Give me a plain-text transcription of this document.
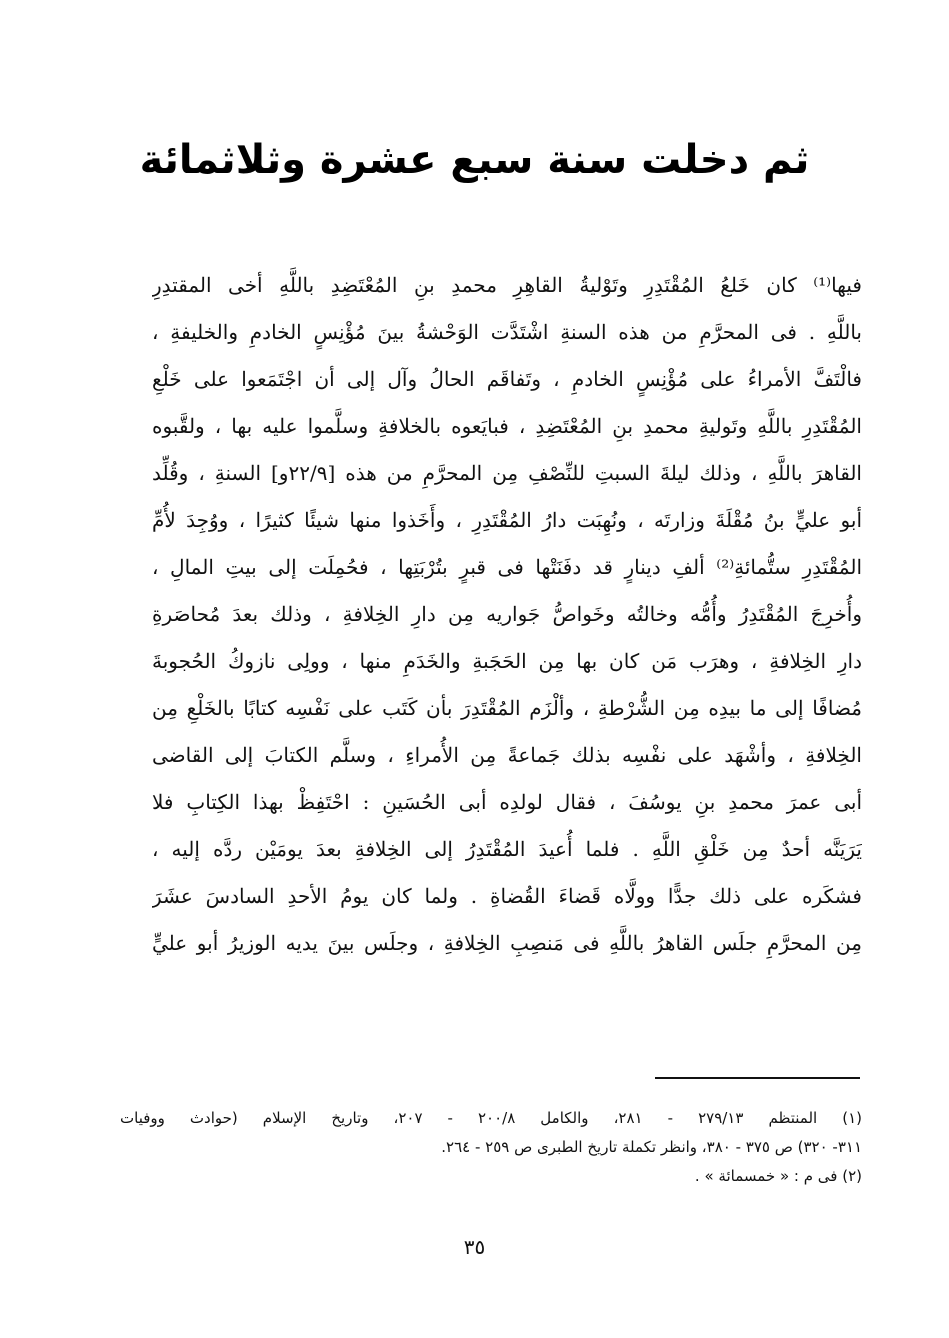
ثم دخلت سنة سبع عشرة وثلاثمائة
فيها⁽¹⁾ كان خَلعُ المُقْتَدِرِ وتَوْليةُ القاهِرِ محمدِ بنِ المُعْتَضِدِ باللَّهِ أخى المقتدِرِ
باللَّهِ . فى المحرَّمِ من هذه السنةِ اشْتَدَّت الوَحْشةُ بينَ مُؤْنِسٍ الخادمِ والخليفةِ ،
فالْتَفَّ الأمراءُ على مُؤْنِسٍ الخادمِ ، وتَفاقَم الحالُ وآل إلى أن اجْتَمَعوا على خَلْعِ
المُقْتَدِرِ باللَّهِ وتَوليةِ محمدِ بنِ المُعْتَضِدِ ، فبايَعوه بالخلافةِ وسلَّموا عليه بها ، ولقَّبوه
القاهرَ باللَّهِ ، وذلك ليلةَ السبتِ للنِّصْفِ مِن المحرَّمِ من هذه [٢٢/٩و] السنةِ ، وقُلِّد
أبو عليٍّ بنُ مُقْلَةَ وزارتَه ، ونُهِبَت دارُ المُقْتَدِرِ ، وأَخَذوا منها شيئًا كثيرًا ، ووُجِدَ لأُمِّ
المُقْتَدِرِ ستُّمائةِ⁽²⁾ ألفِ دينارٍ قد دفَنَتْها فى قبرٍ بتُرْبَتِها ، فحُمِلَت إلى بيتِ المالِ ،
وأُخرِجَ المُقْتَدِرُ وأُمُّه وخالتُه وخَواصُّ جَواريه مِن دارِ الخِلافةِ ، وذلك بعدَ مُحاصَرةِ
دارِ الخِلافةِ ، وهرَب مَن كان بها مِن الحَجَبةِ والخَدَمِ منها ، وولِى نازوكُ الحُجوبةَ
مُضافًا إلى ما بيدِه مِن الشُّرْطةِ ، وألْزَم المُقْتَدِرَ بأن كَتَب على نَفْسِه كتابًا بالخَلْعِ مِن
الخِلافةِ ، وأشْهَد على نفْسِه بذلك جَماعةً مِن الأُمراءِ ، وسلَّم الكتابَ إلى القاضى
أبى عمرَ محمدِ بنِ يوسُفَ ، فقال لولدِه أبى الحُسَينِ : احْتَفِظْ بهذا الكِتابِ فلا
يَرَيَنَّه أحدٌ مِن خَلْقِ اللَّهِ . فلما أُعيدَ المُقْتَدِرُ إلى الخِلافةِ بعدَ يومَيْن ردَّه إليه ،
فشكَره على ذلك جدًّا وولَّاه قَضاءَ القُضاةِ . ولما كان يومُ الأحدِ السادسَ عشَرَ
مِن المحرَّمِ جلَس القاهرُ باللَّهِ فى مَنصِبِ الخِلافةِ ، وجلَس بينَ يديه الوزيرُ أبو عليٍّ
(١) المنتظم ٢٧٩/١٣ - ٢٨١، والكامل ٢٠٠/٨ - ٢٠٧، وتاريخ الإسلام (حوادث ووفيات
٣١١- ٣٢٠) ص ٣٧٥ - ٣٨٠، وانظر تكملة تاريخ الطبرى ص ٢٥٩ - ٢٦٤.
(٢) فى م : « خمسمائة » .
٣٥
